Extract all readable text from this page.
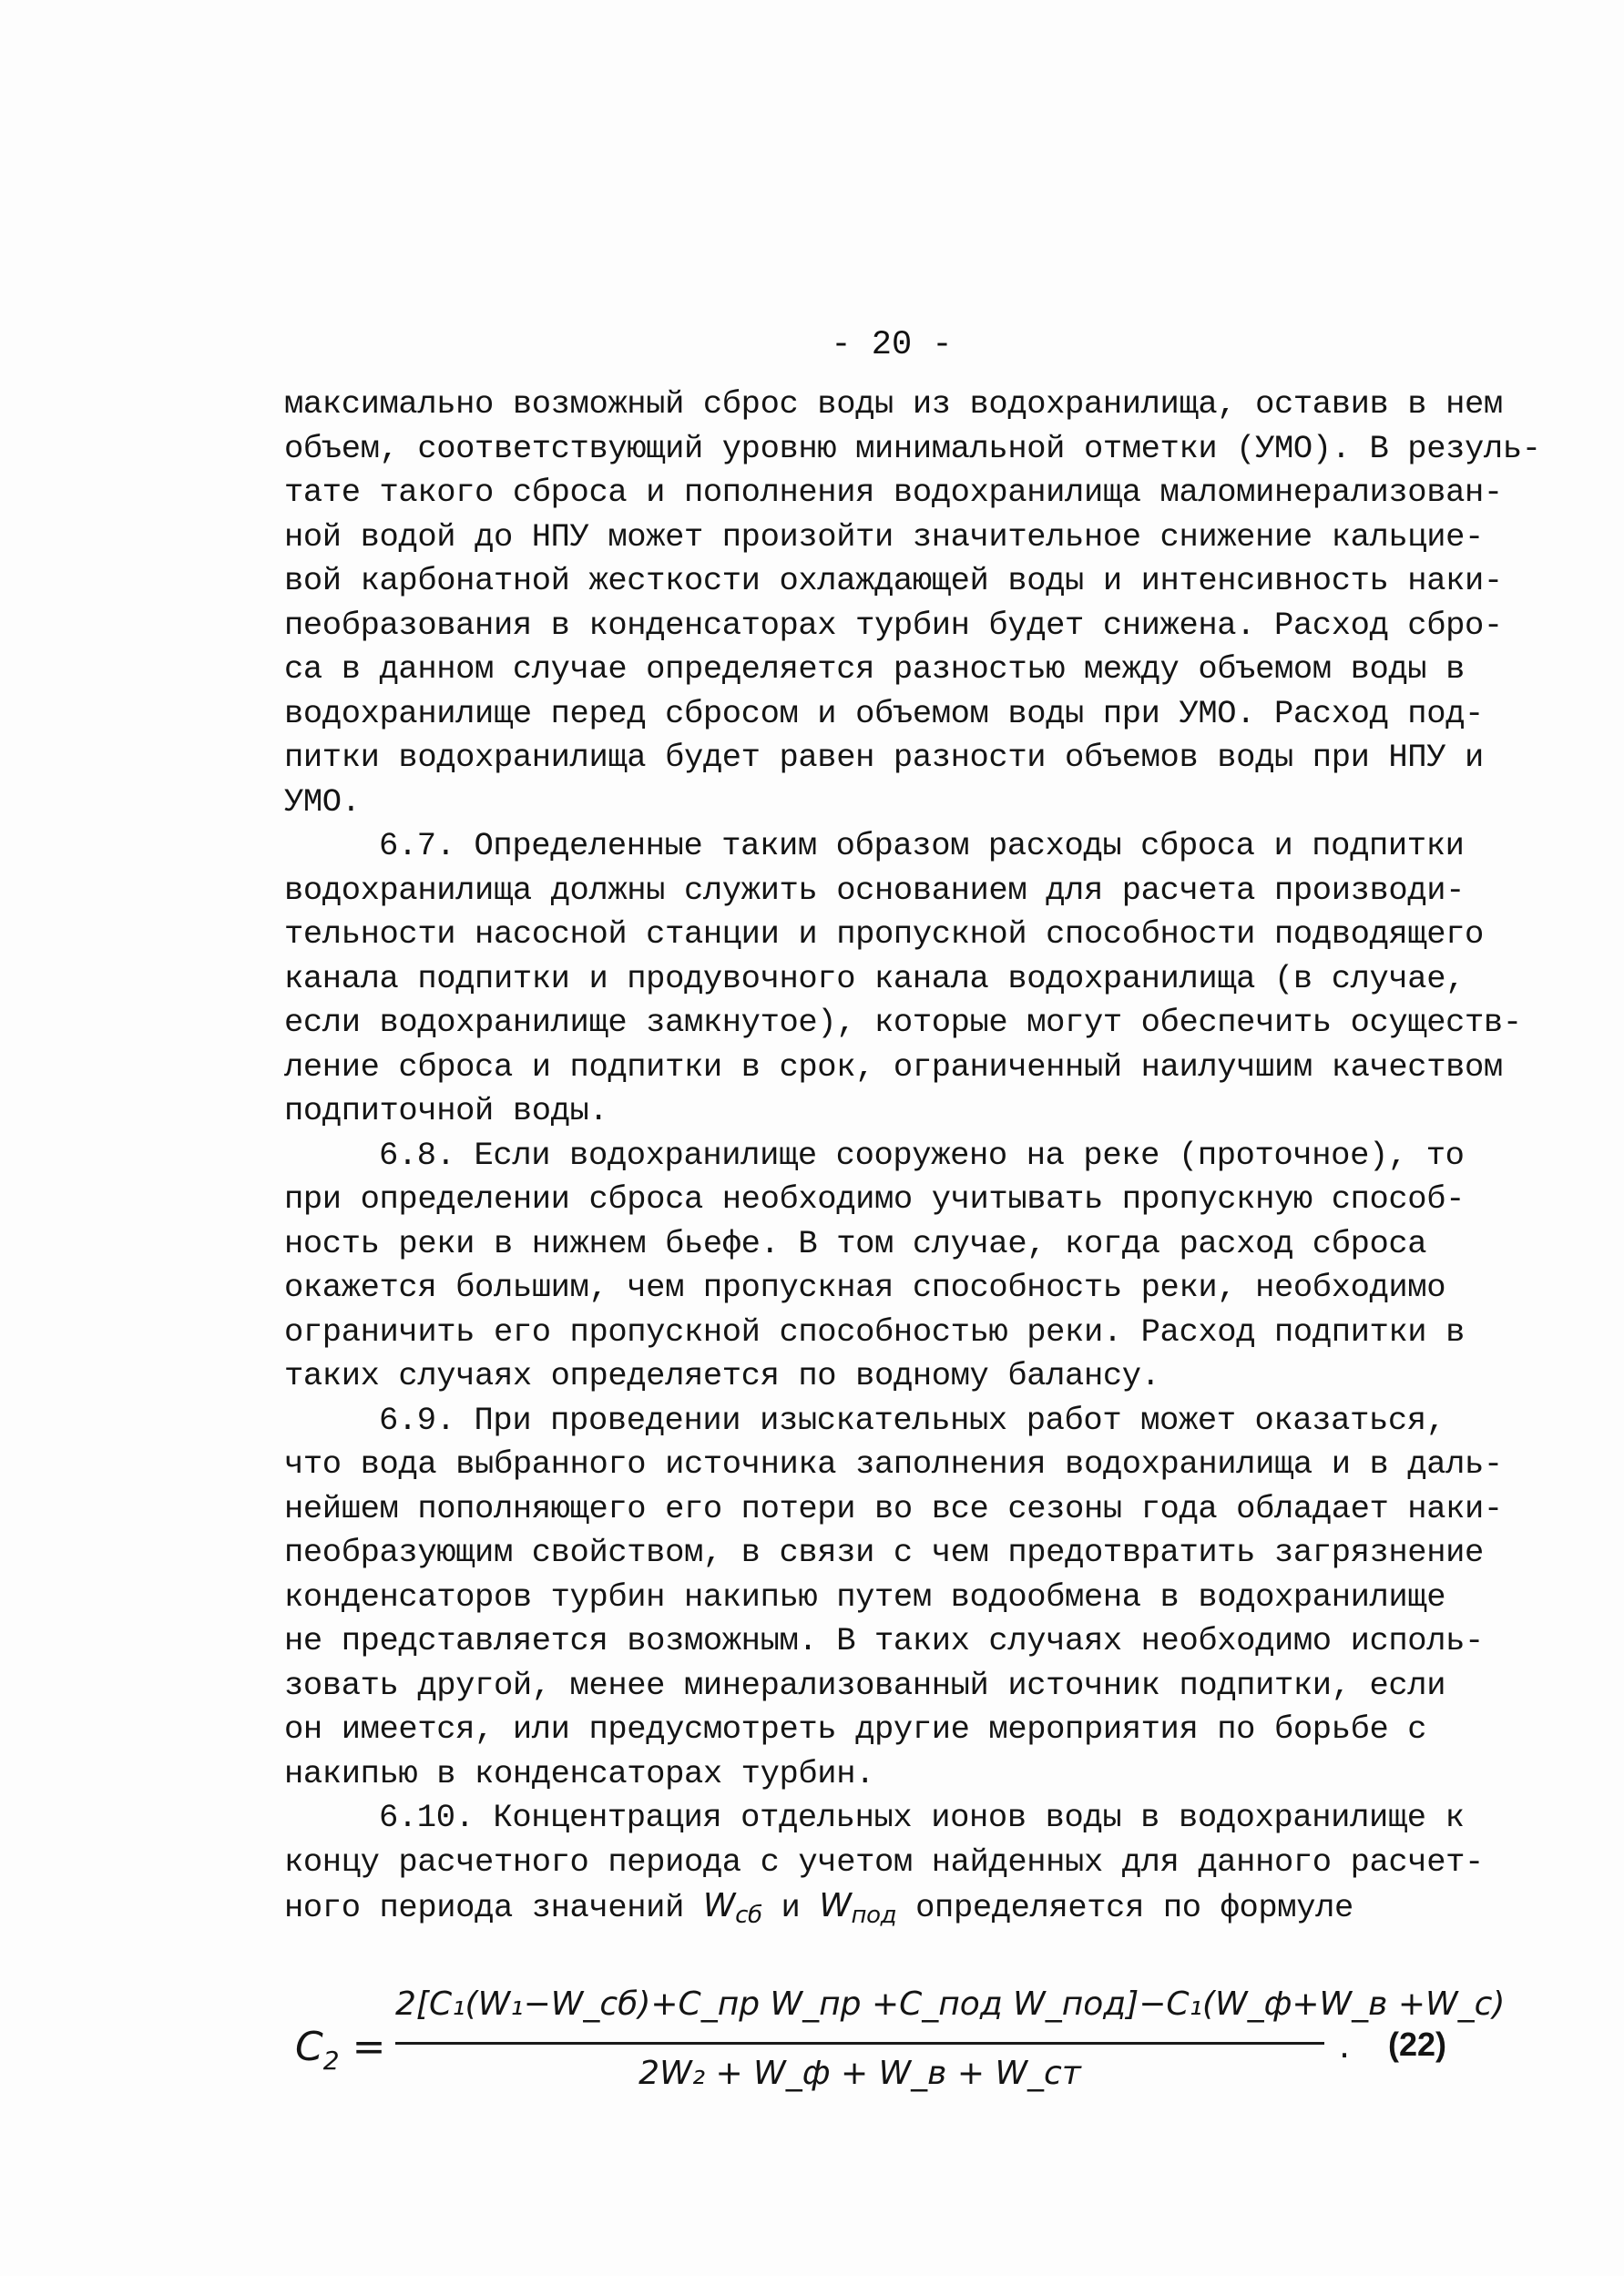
- 20 -

максимально возможный сброс воды из водохранилища, оставив в нем
объем, соответствующий уровню минимальной отметки (УМО). В резуль-
тате такого сброса и пополнения водохранилища маломинерализован-
ной водой до НПУ может произойти значительное снижение кальцие-
вой карбонатной жесткости охлаждающей воды и интенсивность наки-
пеобразования в конденсаторах турбин будет снижена. Расход сбро-
са в данном случае определяется разностью между объемом воды в
водохранилище перед сбросом и объемом воды при УМО. Расход под-
питки водохранилища будет равен разности объемов воды при НПУ и
УМО.

6.7. Определенные таким образом расходы сброса и подпитки
водохранилища должны служить основанием для расчета производи-
тельности насосной станции и пропускной способности подводящего
канала подпитки и продувочного канала водохранилища (в случае,
если водохранилище замкнутое), которые могут обеспечить осуществ-
ление сброса и подпитки в срок, ограниченный наилучшим качеством
подпиточной воды.

6.8. Если водохранилище сооружено на реке (проточное), то
при определении сброса необходимо учитывать пропускную способ-
ность реки в нижнем бьефе. В том случае, когда расход сброса
окажется большим, чем пропускная способность реки, необходимо
ограничить его пропускной способностью реки. Расход подпитки в
таких случаях определяется по водному балансу.

6.9. При проведении изыскательных работ может оказаться,
что вода выбранного источника заполнения водохранилища и в даль-
нейшем пополняющего его потери во все сезоны года обладает наки-
пеобразующим свойством, в связи с чем предотвратить загрязнение
конденсаторов турбин накипью путем водообмена в водохранилище
не представляется возможным. В таких случаях необходимо исполь-
зовать другой, менее минерализованный источник подпитки, если
он имеется, или предусмотреть другие мероприятия по борьбе с
накипью в конденсаторах турбин.

6.10. Концентрация отдельных ионов воды в водохранилище к
концу расчетного периода с учетом найденных для данного расчет-
ного периода значений $W_{сб}$ и $W_{под}$ определяется по формуле

$C_2$ =
2[C₁(W₁−W_сб)+C_пр W_пр +C_под W_под]−C₁(W_ф+W_в +W_с)
2W₂ + W_ф + W_в + W_ст
. (22)
